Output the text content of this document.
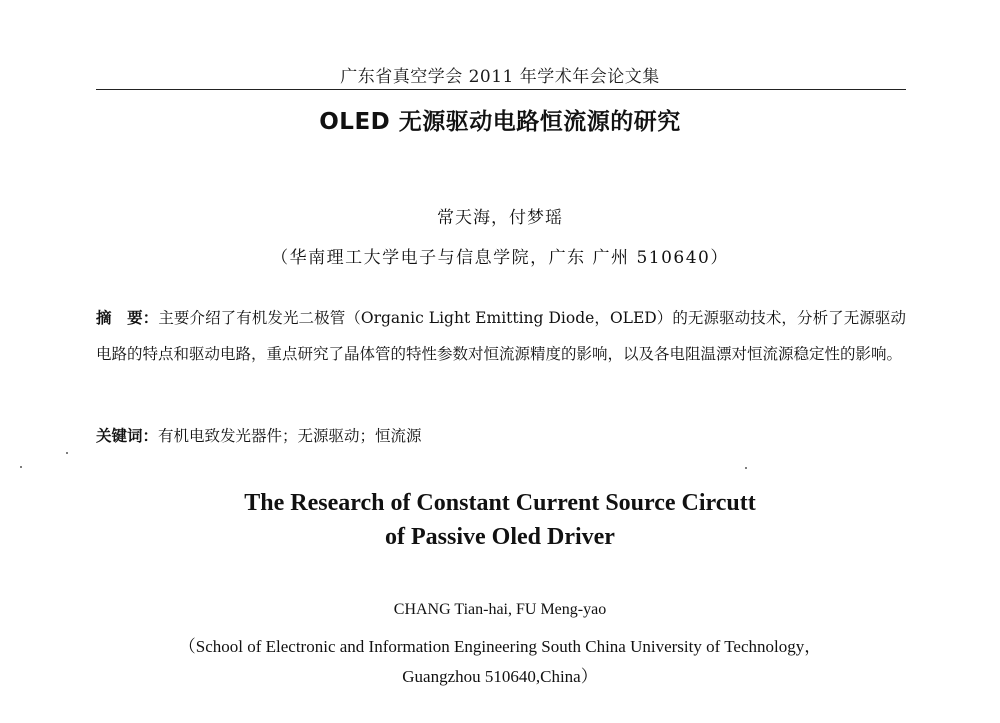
广东省真空学会 2011 年学术年会论文集
OLED 无源驱动电路恒流源的研究
常天海，付梦瑶
（华南理工大学电子与信息学院，广东 广州 510640）
摘　要：主要介绍了有机发光二极管（Organic Light Emitting Diode，OLED）的无源驱动技术，分析了无源驱动电路的特点和驱动电路，重点研究了晶体管的特性参数对恒流源精度的影响，以及各电阻温漂对恒流源稳定性的影响。
关键词：有机电致发光器件；无源驱动；恒流源
The Research of Constant Current Source Circutt
of Passive Oled Driver
CHANG Tian-hai, FU Meng-yao
（School of Electronic and Information Engineering South China University of Technology，
Guangzhou 510640,China）
